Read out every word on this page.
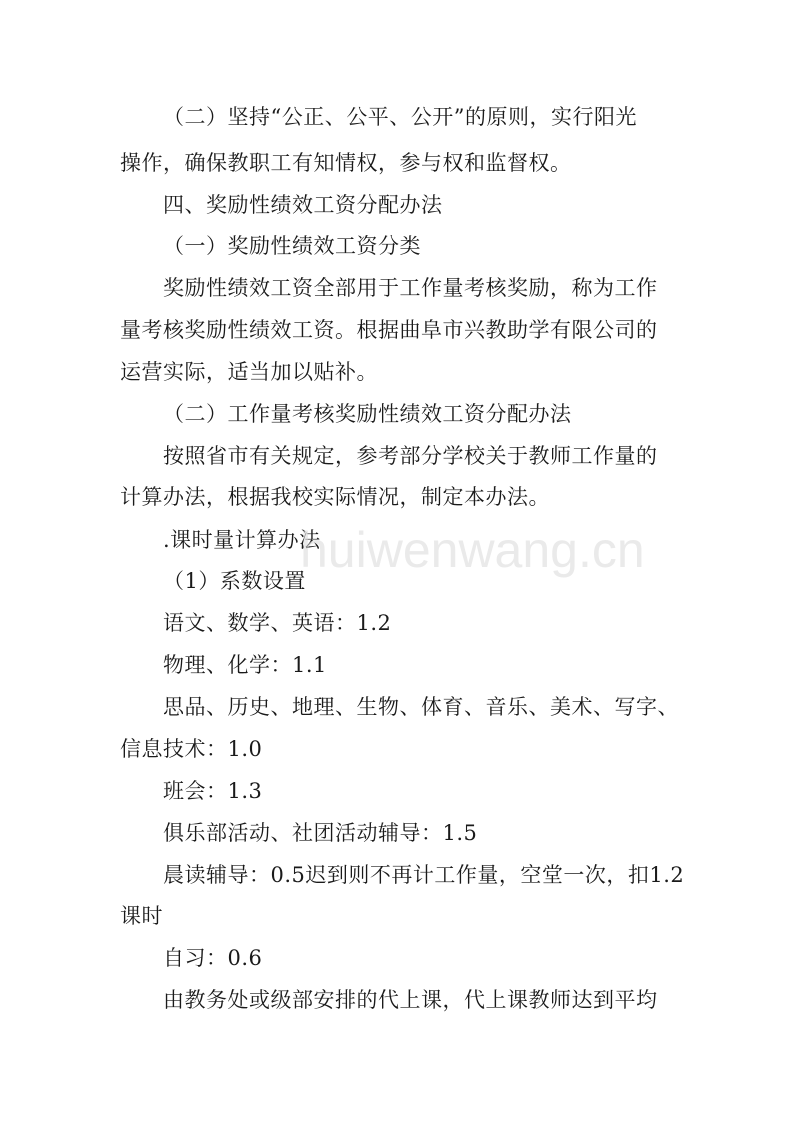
（二）坚持“公正、公平、公开”的原则，实行阳光
操作，确保教职工有知情权，参与权和监督权。
四、奖励性绩效工资分配办法
（一）奖励性绩效工资分类
奖励性绩效工资全部用于工作量考核奖励，称为工作
量考核奖励性绩效工资。根据曲阜市兴教助学有限公司的
运营实际，适当加以贴补。
（二）工作量考核奖励性绩效工资分配办法
按照省市有关规定，参考部分学校关于教师工作量的
计算办法，根据我校实际情况，制定本办法。
.课时量计算办法
（1）系数设置
语文、数学、英语：1.2
物理、化学：1.1
思品、历史、地理、生物、体育、音乐、美术、写字、
信息技术：1.0
班会：1.3
俱乐部活动、社团活动辅导：1.5
晨读辅导：0.5迟到则不再计工作量，空堂一次，扣1.2
课时
自习：0.6
由教务处或级部安排的代上课，代上课教师达到平均
huiwenwang.cn
